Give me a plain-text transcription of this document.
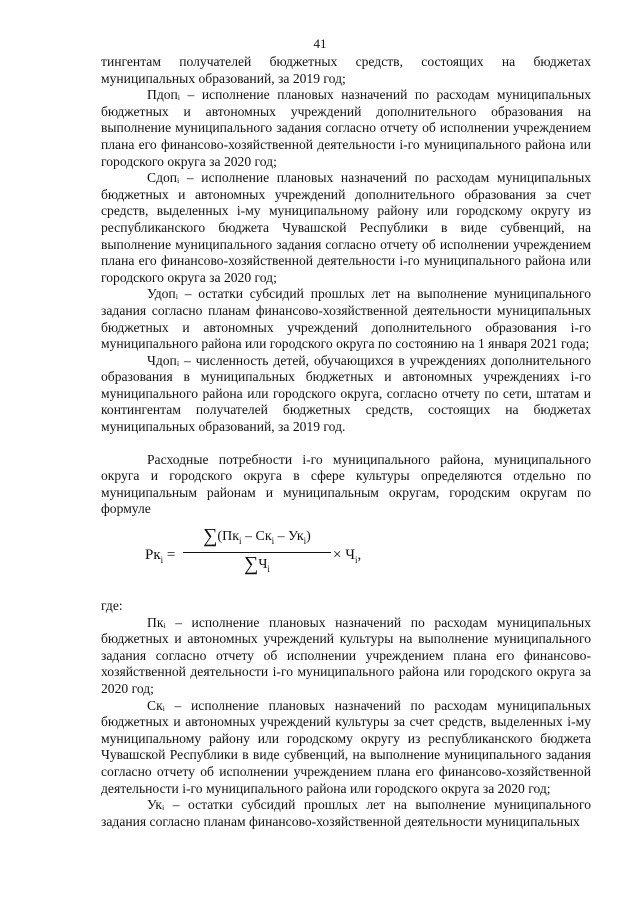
41

тингентам получателей бюджетных средств, состоящих на бюджетах муниципальных образований, за 2019 год;

Пдопᵢ – исполнение плановых назначений по расходам муниципальных бюджетных и автономных учреждений дополнительного образования на выполнение муниципального задания согласно отчету об исполнении учреждением плана его финансово-хозяйственной деятельности i-го муниципального района или городского округа за 2020 год;

Сдопᵢ – исполнение плановых назначений по расходам муниципальных бюджетных и автономных учреждений дополнительного образования за счет средств, выделенных i-му муниципальному району или городскому округу из республиканского бюджета Чувашской Республики в виде субвенций, на выполнение муниципального задания согласно отчету об исполнении учреждением плана его финансово-хозяйственной деятельности i-го муниципального района или городского округа за 2020 год;

Удопᵢ – остатки субсидий прошлых лет на выполнение муниципального задания согласно планам финансово-хозяйственной деятельности муниципальных бюджетных и автономных учреждений дополнительного образования i-го муниципального района или городского округа по состоянию на 1 января 2021 года;

Чдопᵢ – численность детей, обучающихся в учреждениях дополнительного образования в муниципальных бюджетных и автономных учреждениях i-го муниципального района или городского округа, согласно отчету по сети, штатам и контингентам получателей бюджетных средств, состоящих на бюджетах муниципальных образований, за 2019 год.

Расходные потребности i-го муниципального района, муниципального округа и городского округа в сфере культуры определяются отдельно по муниципальным районам и муниципальным округам, городским округам по формуле

$Рк_i$ =
$\sum(Пк_i - Ск_i - Ук_i)$
$\sum Ч_i$
× $Ч_i$,

где:

Пкᵢ – исполнение плановых назначений по расходам муниципальных бюджетных и автономных учреждений культуры на выполнение муниципального задания согласно отчету об исполнении учреждением плана его финансово-хозяйственной деятельности i-го муниципального района или городского округа за 2020 год;

Скᵢ – исполнение плановых назначений по расходам муниципальных бюджетных и автономных учреждений культуры за счет средств, выделенных i-му муниципальному району или городскому округу из республиканского бюджета Чувашской Республики в виде субвенций, на выполнение муниципального задания согласно отчету об исполнении учреждением плана его финансово-хозяйственной деятельности i-го муниципального района или городского округа за 2020 год;

Укᵢ – остатки субсидий прошлых лет на выполнение муниципального задания согласно планам финансово-хозяйственной деятельности муниципальных
